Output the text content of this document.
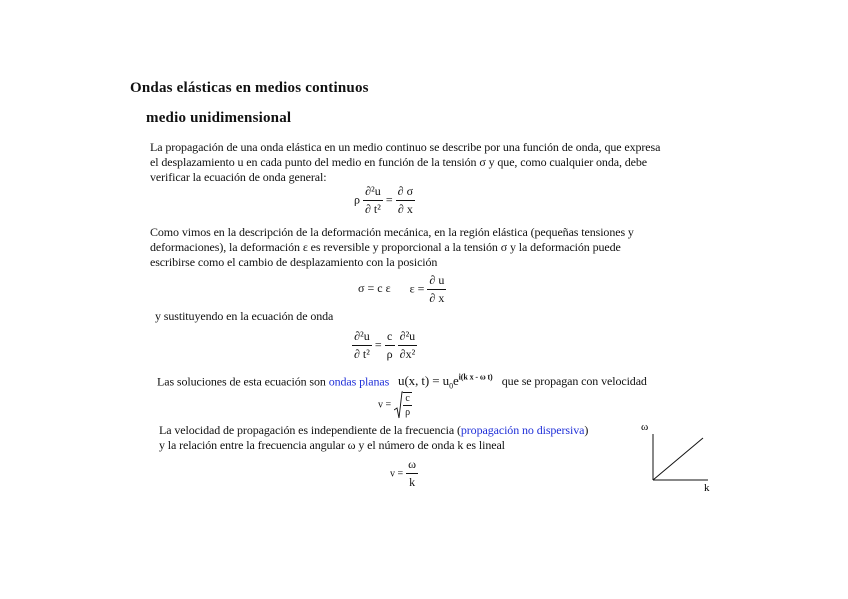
Ondas elásticas en medios continuos
medio unidimensional
La propagación de una onda elástica en un medio continuo se describe por una función de onda, que expresa
el desplazamiento u en cada punto del medio en función de la tensión σ y que, como cualquier onda, debe
verificar la ecuación de onda general:
ρ $\frac{\text{∂²u}}{\text{∂ t²}} = \frac{\partial \sigma}{\partial x}$
Como vimos en la descripción de la deformación mecánica, en la región elástica (pequeñas tensiones y
deformaciones), la deformación ε es reversible y proporcional a la tensión σ y la deformación puede
escribirse como el cambio de desplazamiento con la posición
σ = c ε $\varepsilon = \frac{\partial u}{\partial x}$
y sustituyendo en la ecuación de onda
$\frac{\text{∂²u}}{\text{∂ t²}} = \frac{c}{\rho}$
$\frac{\text{∂²u}}{\text{∂x²}}$
Las soluciones de esta ecuación son ondas planas u(x, $t) = u_0e^{i(k x - \omega t)}$ que se propagan con velocidad
$v = \frac{c}{\rho}$
La velocidad de propagación es independiente de la frecuencia (propagación no dispersiva)
y la relación entre la frecuencia angular ω y el número de onda k es lineal
$v = \frac{\omega}{k}$
ω
k
